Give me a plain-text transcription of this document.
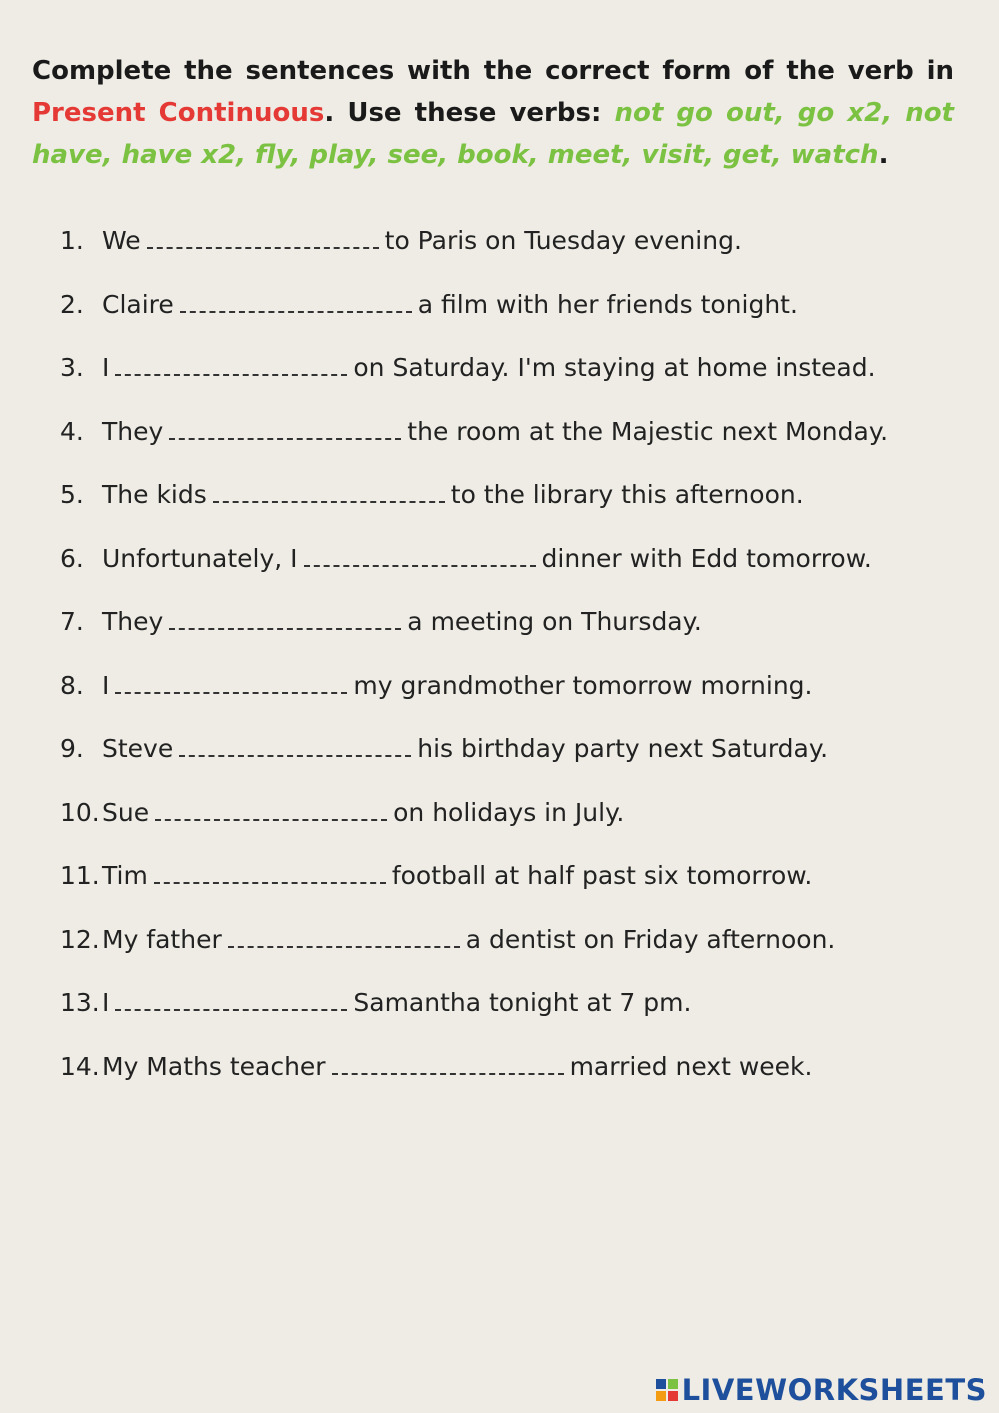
Complete the sentences with the correct form of the verb in Present Continuous. Use these verbs: not go out, go x2, not have, have x2, fly, play, see, book, meet, visit, get, watch.
1. We	to Paris on Tuesday evening.
2. Claire	a film with her friends tonight.
3. I	on Saturday. I'm staying at home instead.
4. They	the room at the Majestic next Monday.
5. The kids	to the library this afternoon.
6. Unfortunately, I	dinner with Edd tomorrow.
7. They	a meeting on Thursday.
8. I	my grandmother tomorrow morning.
9. Steve	his birthday party next Saturday.
10. Sue	on holidays in July.
11. Tim	football at half past six tomorrow.
12. My father	a dentist on Friday afternoon.
13. I	Samantha tonight at 7 pm.
14. My Maths teacher	married next week.
LIVEWORKSHEETS
